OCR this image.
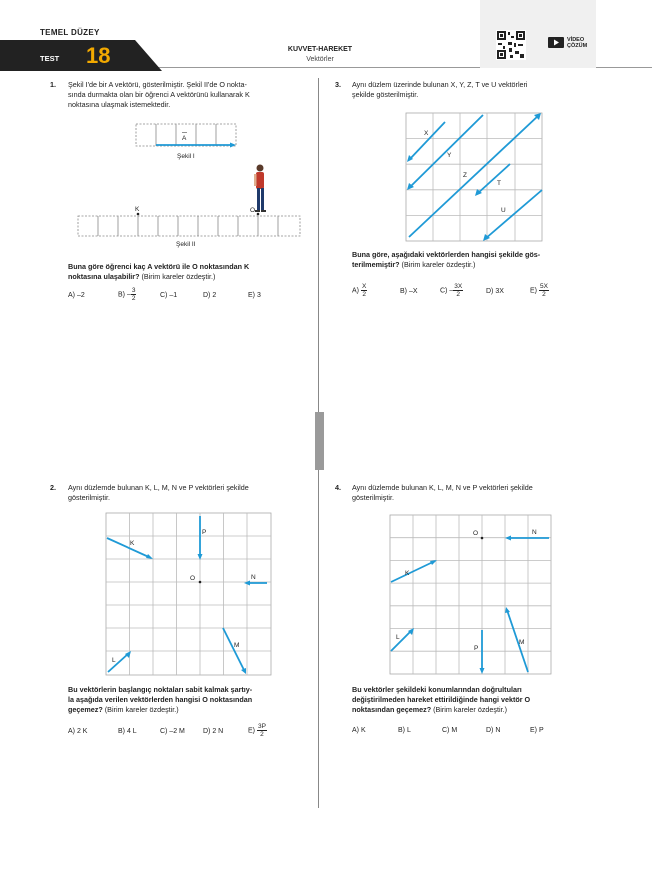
TEMEL DÜZEY
TEST 18	KUVVET-HAREKET
Vektörler
VİDEO
ÇÖZÜM
1. Şekil I'de bir A vektörü, gösterilmiştir. Şekil II'de O nokta-
sında durmakta olan bir öğrenci A vektörünü kullanarak K
noktasına ulaşmak istemektedir.
A
Şekil I
K	O
Şekil II
Buna göre öğrenci kaç A vektörü ile O noktasından K
noktasına ulaşabilir? (Birim kareler özdeştir.)
A) –2	$B) - \frac{3}{2}$	C) –1	D) 2	E) 3
3. Aynı düzlem üzerinde bulunan X, Y, Z, T ve U vektörleri
şekilde gösterilmiştir.
X
Y
Z
T
U
Buna göre, aşağıdaki vektörlerden hangisi şekilde gös-
terilmemiştir? (Birim kareler özdeştir.)
$A) \frac{X}{2}$	B) –X	$C) - \frac{3X}{2}$	D) 3X	$E) \frac{5X}{2}$
2. Aynı düzlemde bulunan K, L, M, N ve P vektörleri şekilde
gösterilmiştir.
K
P
O	N
M
L
Bu vektörlerin başlangıç noktaları sabit kalmak şartıy-
la aşağıda verilen vektörlerden hangisi O noktasından
geçemez? (Birim kareler özdeştir.)
A) 2 K	B) 4 L	C) –2 M	D) 2 N	$E) \frac{3P}{2}$
4. Aynı düzlemde bulunan K, L, M, N ve P vektörleri şekilde
gösterilmiştir.
O	N
K
L
P
M
Bu vektörler şekildeki konumlarından doğrultuları
değiştirilmeden hareket ettirildiğinde hangi vektör O
noktasından geçemez? (Birim kareler özdeştir.)
A) K	B) L	C) M	D) N	E) P
